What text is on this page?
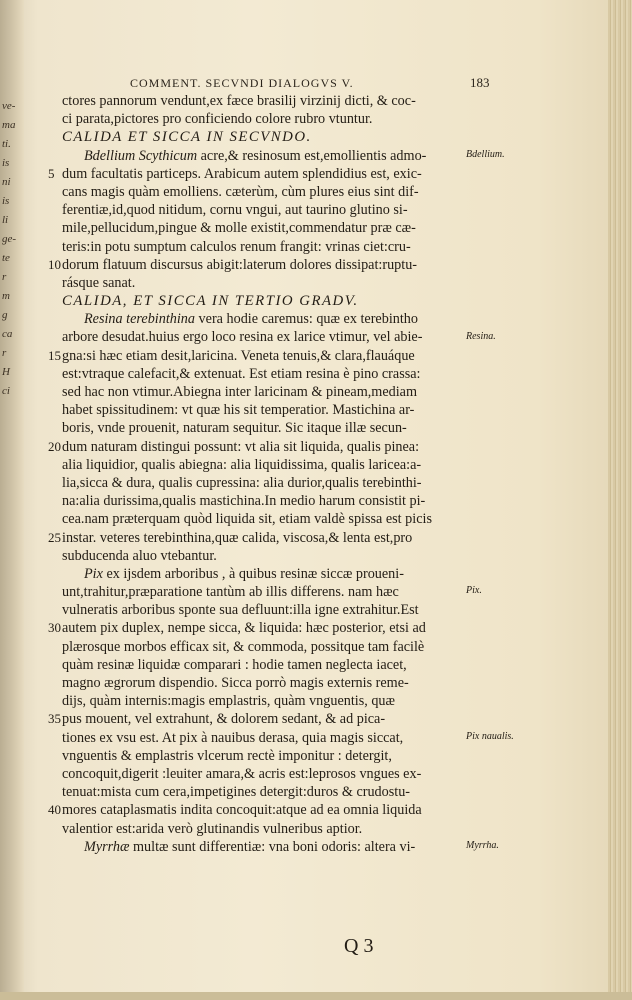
ve-
ma
ti.
is
ni
is
li
ge-
te
r
m
g
ca
r
H
ci
COMMENT. SECVNDI DIALOGVS V.	183
ctores pannorum vendunt,ex fæce brasilij virzinij dicti, & coc-
ci parata,pictores pro conficiendo colore rubro vtuntur.
CALIDA ET SICCA IN SECVNDO.
Bdellium Scythicum acre,& resinosum est,emollientis admo-
5 dum facultatis particeps. Arabicum autem splendidius est, exic-
cans magis quàm emolliens. cæterùm, cùm plures eius sint dif-
ferentiæ,id,quod nitidum, cornu vngui, aut taurino glutino si-
mile,pellucidum,pingue & molle existit,commendatur præ cæ-
teris:in potu sumptum calculos renum frangit: vrinas ciet:cru-
10 dorum flatuum discursus abigit:laterum dolores dissipat:ruptu-
rásque sanat.
CALIDA, ET SICCA IN TERTIO GRADV.
Resina terebinthina vera hodie caremus: quæ ex terebintho
arbore desudat.huius ergo loco resina ex larice vtimur, vel abie-
15 gna:si hæc etiam desit,laricina. Veneta tenuis,& clara,flauáque
est:vtraque calefacit,& extenuat. Est etiam resina è pino crassa:
sed hac non vtimur.Abiegna inter laricinam & pineam,mediam
habet spissitudinem: vt quæ his sit temperatior. Mastichina ar-
boris, vnde prouenit, naturam sequitur. Sic itaque illæ secun-
20 dum naturam distingui possunt: vt alia sit liquida, qualis pinea:
alia liquidior, qualis abiegna: alia liquidissima, qualis laricea:a-
lia,sicca & dura, qualis cupressina: alia durior,qualis terebinthi-
na:alia durissima,qualis mastichina.In medio harum consistit pi-
cea.nam præterquam quòd liquida sit, etiam valdè spissa est picis
25 instar. veteres terebinthina,quæ calida, viscosa,& lenta est,pro
subducenda aluo vtebantur.
Pix ex ijsdem arboribus , à quibus resinæ siccæ proueni-
unt,trahitur,præparatione tantùm ab illis differens. nam hæc
vulneratis arboribus sponte sua defluunt:illa igne extrahitur.Est
30 autem pix duplex, nempe sicca, & liquida: hæc posterior, etsi ad
plærosque morbos efficax sit, & commoda, possitque tam facilè
quàm resinæ liquidæ comparari : hodie tamen neglecta iacet,
magno ægrorum dispendio. Sicca porrò magis externis reme-
dijs, quàm internis:magis emplastris, quàm vnguentis, quæ
35 pus mouent, vel extrahunt, & dolorem sedant, & ad pica-
tiones ex vsu est. At pix à nauibus derasa, quia magis siccat,
vnguentis & emplastris vlcerum rectè imponitur : detergit,
concoquit,digerit :leuiter amara,& acris est:leprosos vngues ex-
tenuat:mista cum cera,impetigines detergit:duros & crudostu-
40 mores cataplasmatis indita concoquit:atque ad ea omnia liquida
valentior est:arida verò glutinandis vulneribus aptior.
Myrrhæ multæ sunt differentiæ: vna boni odoris: altera vi-
Bdellium.
Resina.
Pix.
Pix naualis.
Myrrha.
Q 3
